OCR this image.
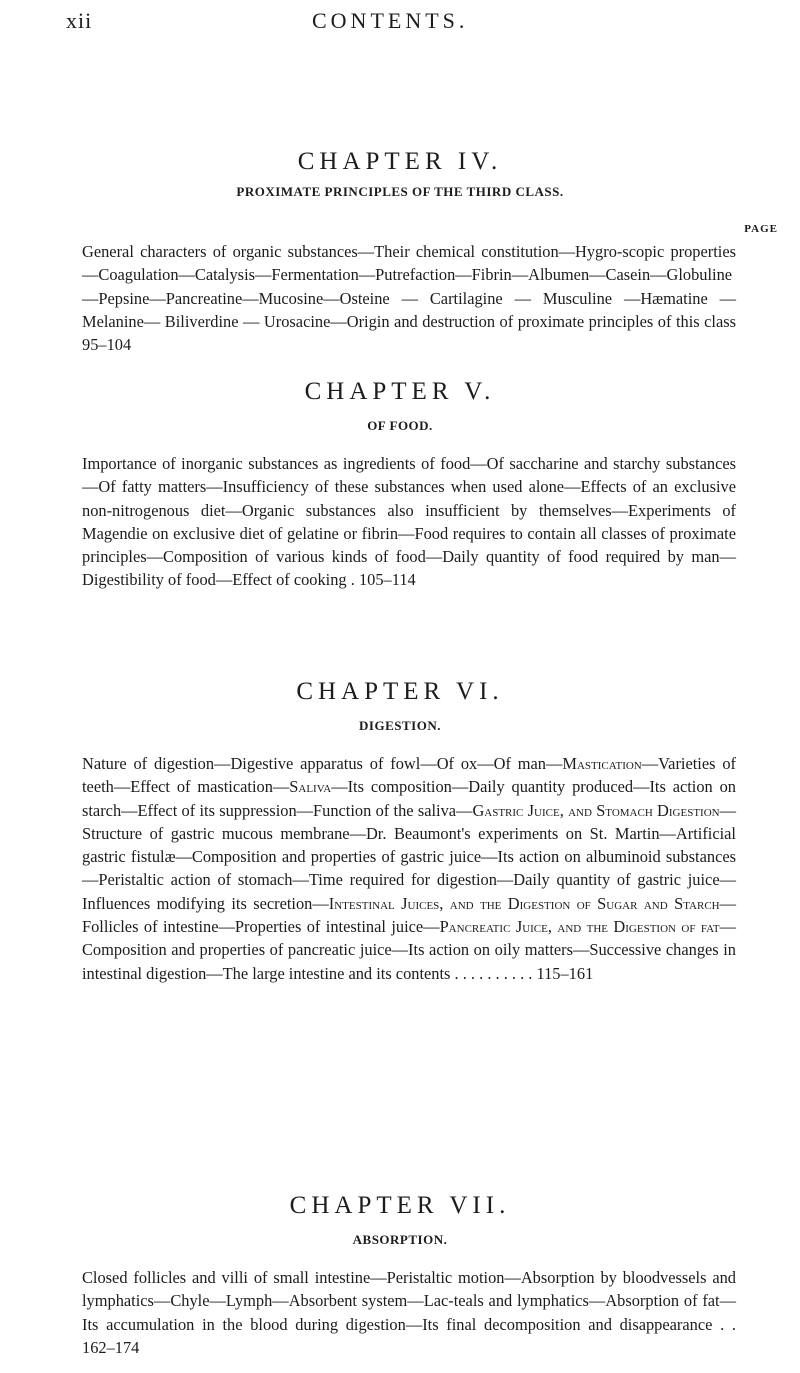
xii	CONTENTS.
CHAPTER IV.
PROXIMATE PRINCIPLES OF THE THIRD CLASS.
PAGE

General characters of organic substances—Their chemical constitution—Hygro-scopic properties—Coagulation—Catalysis—Fermentation—Putrefaction—Fibrin—Albumen—Casein—Globuline—Pepsine—Pancreatine—Mucosine—Osteine — Cartilagine — Musculine —Hæmatine —Melanine— Biliverdine — Urosacine—Origin and destruction of proximate principles of this class 95–104

CHAPTER V.
OF FOOD.

Importance of inorganic substances as ingredients of food—Of saccharine and starchy substances—Of fatty matters—Insufficiency of these substances when used alone—Effects of an exclusive non-nitrogenous diet—Organic substances also insufficient by themselves—Experiments of Magendie on exclusive diet of gelatine or fibrin—Food requires to contain all classes of proximate principles—Composition of various kinds of food—Daily quantity of food required by man—Digestibility of food—Effect of cooking . 105–114

CHAPTER VI.
DIGESTION.

Nature of digestion—Digestive apparatus of fowl—Of ox—Of man—Mastication—Varieties of teeth—Effect of mastication—Saliva—Its composition—Daily quantity produced—Its action on starch—Effect of its suppression—Function of the saliva—Gastric Juice, and Stomach Digestion—Structure of gastric mucous membrane—Dr. Beaumont's experiments on St. Martin—Artificial gastric fistulæ—Composition and properties of gastric juice—Its action on albuminoid substances—Peristaltic action of stomach—Time required for digestion—Daily quantity of gastric juice—Influences modifying its secretion—Intestinal Juices, and the Digestion of Sugar and Starch—Follicles of intestine—Properties of intestinal juice—Pancreatic Juice, and the Digestion of fat—Composition and properties of pancreatic juice—Its action on oily matters—Successive changes in intestinal digestion—The large intestine and its contents . . . . . . . . . . 115–161

CHAPTER VII.
ABSORPTION.

Closed follicles and villi of small intestine—Peristaltic motion—Absorption by bloodvessels and lymphatics—Chyle—Lymph—Absorbent system—Lac-teals and lymphatics—Absorption of fat—Its accumulation in the blood during digestion—Its final decomposition and disappearance . . 162–174
